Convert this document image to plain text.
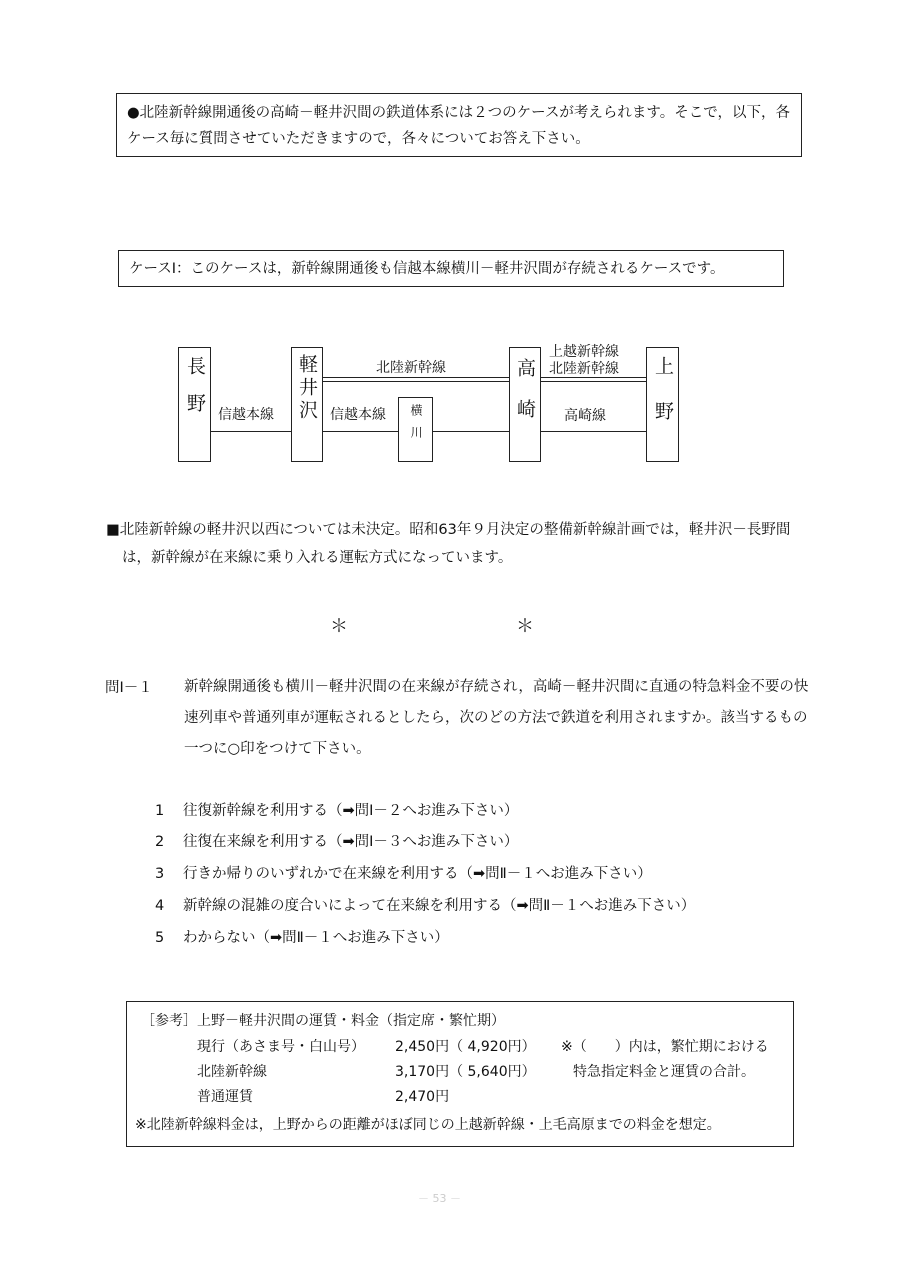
●北陸新幹線開通後の高崎－軽井沢間の鉄道体系には２つのケースが考えられます。そこで，以下，各ケース毎に質問させていただきますので，各々についてお答え下さい。
ケースⅠ：このケースは，新幹線開通後も信越本線横川－軽井沢間が存続されるケースです。
長野	軽井沢
横川	高崎	上野
信越本線
北陸新幹線
信越本線
上越新幹線
北陸新幹線
高崎線
■北陸新幹線の軽井沢以西については未決定。昭和63年９月決定の整備新幹線計画では，軽井沢－長野間は，新幹線が在来線に乗り入れる運転方式になっています。
＊	＊
問Ⅰ－１ 新幹線開通後も横川－軽井沢間の在来線が存続され，高崎－軽井沢間に直通の特急料金不要の快速列車や普通列車が運転されるとしたら，次のどの方法で鉄道を利用されますか。該当するもの一つに○印をつけて下さい。
1 往復新幹線を利用する（➡問Ⅰ－２へお進み下さい）
2 往復在来線を利用する（➡問Ⅰ－３へお進み下さい）
3 行きか帰りのいずれかで在来線を利用する（➡問Ⅱ－１へお進み下さい）
4 新幹線の混雑の度合いによって在来線を利用する（➡問Ⅱ－１へお進み下さい）
5 わからない（➡問Ⅱ－１へお進み下さい）
［参考］上野－軽井沢間の運賃・料金（指定席・繁忙期）
現行（あさま号・白山号） 2,450円（ 4,920円）
北陸新幹線	3,170円（ 5,640円）
普通運賃	2,470円
※（　　）内は，繁忙期における
特急指定料金と運賃の合計。
※北陸新幹線料金は，上野からの距離がほぼ同じの上越新幹線・上毛高原までの料金を想定。
－ 53 －
